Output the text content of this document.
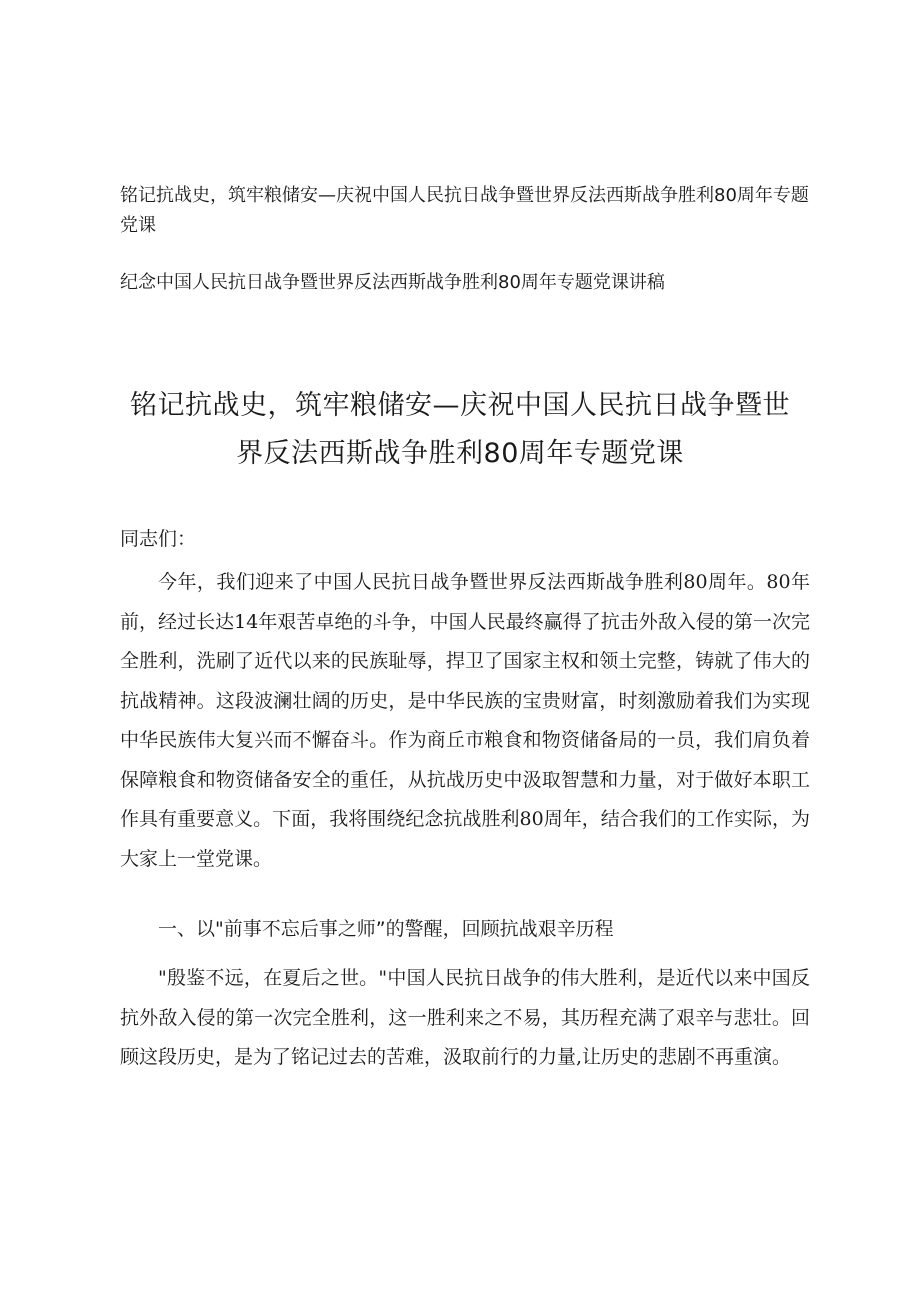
铭记抗战史，筑牢粮储安—庆祝中国人民抗日战争暨世界反法西斯战争胜利80周年专题党课

纪念中国人民抗日战争暨世界反法西斯战争胜利80周年专题党课讲稿

铭记抗战史，筑牢粮储安—庆祝中国人民抗日战争暨世界反法西斯战争胜利80周年专题党课

同志们：

今年，我们迎来了中国人民抗日战争暨世界反法西斯战争胜利80周年。80年前，经过长达14年艰苦卓绝的斗争，中国人民最终赢得了抗击外敌入侵的第一次完全胜利，洗刷了近代以来的民族耻辱，捍卫了国家主权和领土完整，铸就了伟大的抗战精神。这段波澜壮阔的历史，是中华民族的宝贵财富，时刻激励着我们为实现中华民族伟大复兴而不懈奋斗。作为商丘市粮食和物资储备局的一员，我们肩负着保障粮食和物资储备安全的重任，从抗战历史中汲取智慧和力量，对于做好本职工作具有重要意义。下面，我将围绕纪念抗战胜利80周年，结合我们的工作实际，为大家上一堂党课。

一、以"前事不忘后事之师”的警醒，回顾抗战艰辛历程

"殷鉴不远，在夏后之世。"中国人民抗日战争的伟大胜利，是近代以来中国反抗外敌入侵的第一次完全胜利，这一胜利来之不易，其历程充满了艰辛与悲壮。回顾这段历史，是为了铭记过去的苦难，汲取前行的力量,让历史的悲剧不再重演。
